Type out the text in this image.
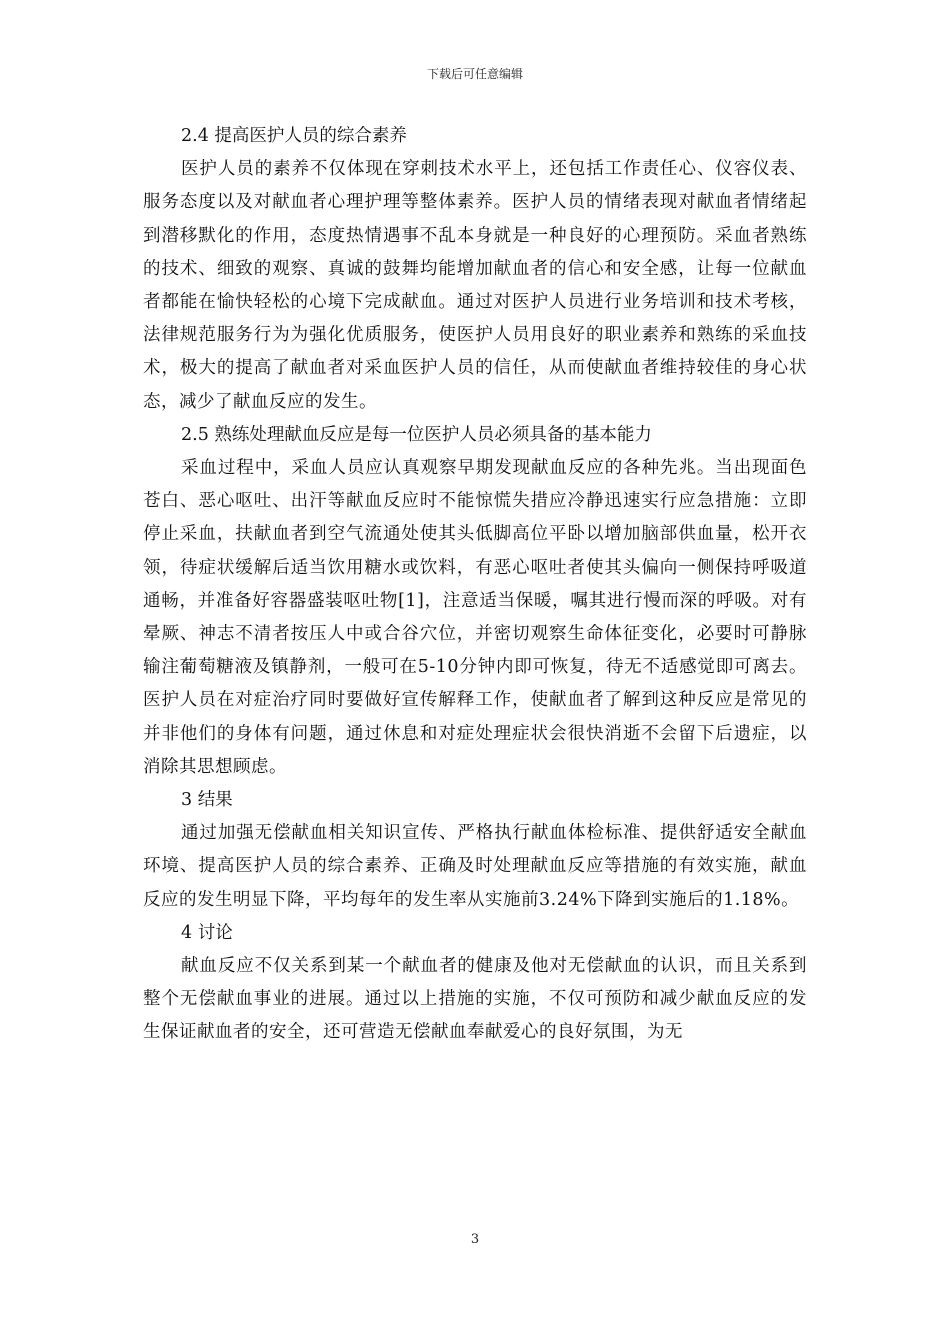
下载后可任意编辑
2.4 提高医护人员的综合素养
医护人员的素养不仅体现在穿刺技术水平上，还包括工作责任心、仪容仪表、服务态度以及对献血者心理护理等整体素养。医护人员的情绪表现对献血者情绪起到潜移默化的作用，态度热情遇事不乱本身就是一种良好的心理预防。采血者熟练的技术、细致的观察、真诚的鼓舞均能增加献血者的信心和安全感，让每一位献血者都能在愉快轻松的心境下完成献血。通过对医护人员进行业务培训和技术考核，法律规范服务行为为强化优质服务，使医护人员用良好的职业素养和熟练的采血技术，极大的提高了献血者对采血医护人员的信任，从而使献血者维持较佳的身心状态，减少了献血反应的发生。
2.5 熟练处理献血反应是每一位医护人员必须具备的基本能力
采血过程中，采血人员应认真观察早期发现献血反应的各种先兆。当出现面色苍白、恶心呕吐、出汗等献血反应时不能惊慌失措应冷静迅速实行应急措施：立即停止采血，扶献血者到空气流通处使其头低脚高位平卧以增加脑部供血量，松开衣领，待症状缓解后适当饮用糖水或饮料，有恶心呕吐者使其头偏向一侧保持呼吸道通畅，并准备好容器盛装呕吐物[1]，注意适当保暖，嘱其进行慢而深的呼吸。对有晕厥、神志不清者按压人中或合谷穴位，并密切观察生命体征变化，必要时可静脉输注葡萄糖液及镇静剂，一般可在5-10分钟内即可恢复，待无不适感觉即可离去。医护人员在对症治疗同时要做好宣传解释工作，使献血者了解到这种反应是常见的并非他们的身体有问题，通过休息和对症处理症状会很快消逝不会留下后遗症，以消除其思想顾虑。
3 结果
通过加强无偿献血相关知识宣传、严格执行献血体检标准、提供舒适安全献血环境、提高医护人员的综合素养、正确及时处理献血反应等措施的有效实施，献血反应的发生明显下降，平均每年的发生率从实施前3.24%下降到实施后的1.18%。
4 讨论
献血反应不仅关系到某一个献血者的健康及他对无偿献血的认识，而且关系到整个无偿献血事业的进展。通过以上措施的实施，不仅可预防和减少献血反应的发生保证献血者的安全，还可营造无偿献血奉献爱心的良好氛围，为无
3
